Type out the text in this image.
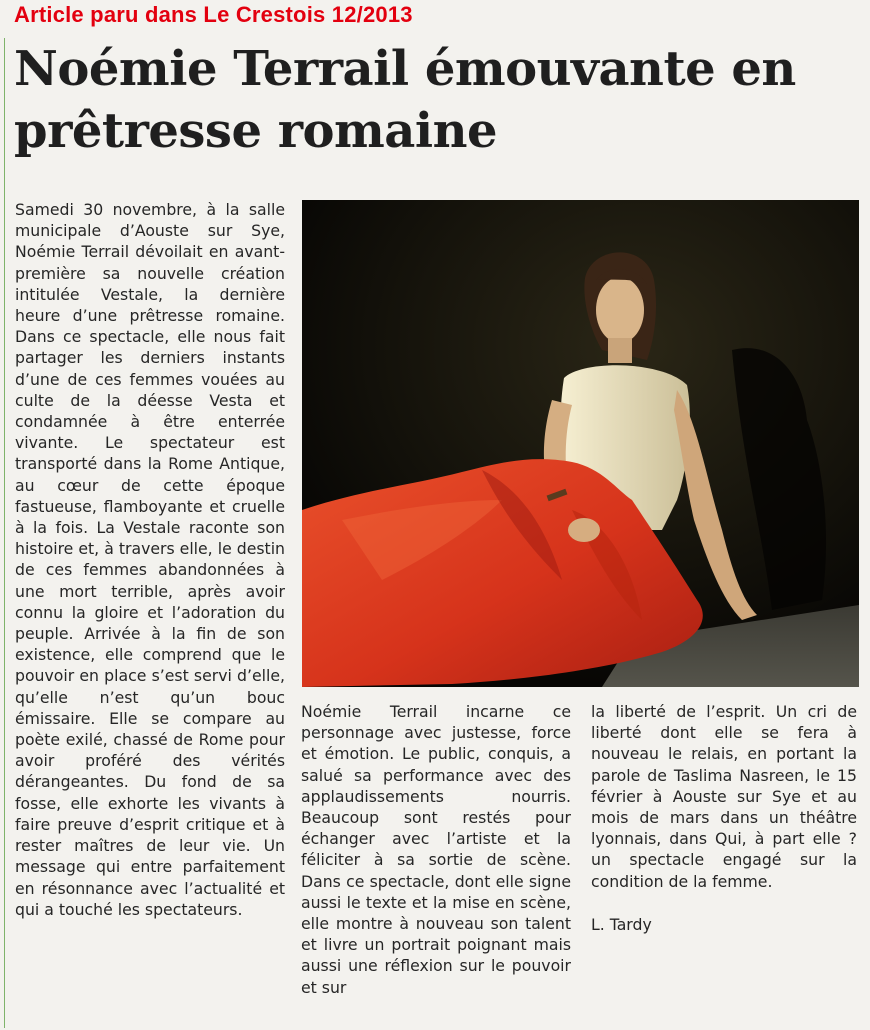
Article paru dans Le Crestois 12/2013
Noémie Terrail émouvante en prêtresse romaine

Samedi 30 novembre, à la salle municipale d’Aouste sur Sye, Noémie Terrail dévoilait en avant-première sa nouvelle création intitulée Vestale, la dernière heure d’une prêtresse romaine. Dans ce spectacle, elle nous fait partager les derniers instants d’une de ces femmes vouées au culte de la déesse Vesta et condamnée à être enterrée vivante. Le spectateur est transporté dans la Rome Antique, au cœur de cette époque fastueuse, flamboyante et cruelle à la fois. La Vestale raconte son histoire et, à travers elle, le destin de ces femmes abandonnées à une mort terrible, après avoir connu la gloire et l’adoration du peuple. Arrivée à la fin de son existence, elle comprend que le pouvoir en place s’est servi d’elle, qu’elle n’est qu’un bouc émissaire. Elle se compare au poète exilé, chassé de Rome pour avoir proféré des vérités dérangeantes. Du fond de sa fosse, elle exhorte les vivants à faire preuve d’esprit critique et à rester maîtres de leur vie. Un message qui entre parfaitement en résonnance avec l’actualité et qui a touché les spectateurs.

Noémie Terrail incarne ce personnage avec justesse, force et émotion. Le public, conquis, a salué sa performance avec des applaudissements nourris. Beaucoup sont restés pour échanger avec l’artiste et la féliciter à sa sortie de scène. Dans ce spectacle, dont elle signe aussi le texte et la mise en scène, elle montre à nouveau son talent et livre un portrait poignant mais aussi une réflexion sur le pouvoir et sur

la liberté de l’esprit. Un cri de liberté dont elle se fera à nouveau le relais, en portant la parole de Taslima Nasreen, le 15 février à Aouste sur Sye et au mois de mars dans un théâtre lyonnais, dans Qui, à part elle ? un spectacle engagé sur la condition de la femme.

L. Tardy
